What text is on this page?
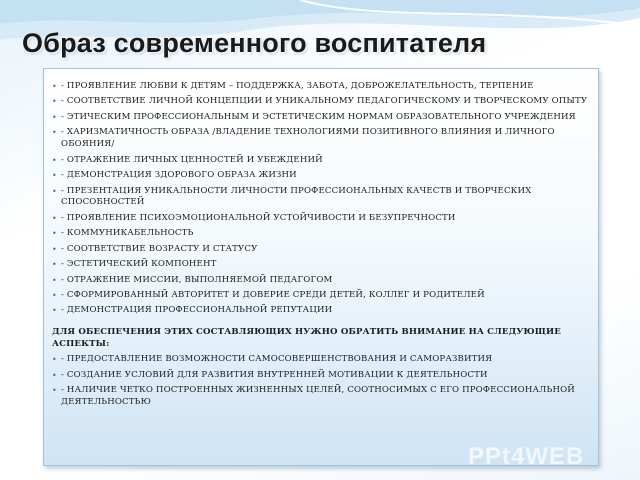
Образ современного воспитателя
• - ПРОЯВЛЕНИЕ ЛЮБВИ К ДЕТЯМ – ПОДДЕРЖКА, ЗАБОТА, ДОБРОЖЕЛАТЕЛЬНОСТЬ, ТЕРПЕНИЕ
• - СООТВЕТСТВИЕ ЛИЧНОЙ КОНЦЕПЦИИ И УНИКАЛЬНОМУ ПЕДАГОГИЧЕСКОМУ И ТВОРЧЕСКОМУ ОПЫТУ
• - ЭТИЧЕСКИМ ПРОФЕССИОНАЛЬНЫМ И ЭСТЕТИЧЕСКИМ НОРМАМ ОБРАЗОВАТЕЛЬНОГО УЧРЕЖДЕНИЯ
• - ХАРИЗМАТИЧНОСТЬ ОБРАЗА /ВЛАДЕНИЕ ТЕХНОЛОГИЯМИ ПОЗИТИВНОГО ВЛИЯНИЯ И ЛИЧНОГО ОБОЯНИЯ/
• - ОТРАЖЕНИЕ ЛИЧНЫХ ЦЕННОСТЕЙ И УБЕЖДЕНИЙ
• - ДЕМОНСТРАЦИЯ ЗДОРОВОГО ОБРАЗА ЖИЗНИ
• - ПРЕЗЕНТАЦИЯ УНИКАЛЬНОСТИ ЛИЧНОСТИ ПРОФЕССИОНАЛЬНЫХ КАЧЕСТВ И ТВОРЧЕСКИХ СПОСОБНОСТЕЙ
• - ПРОЯВЛЕНИЕ ПСИХОЭМОЦИОНАЛЬНОЙ УСТОЙЧИВОСТИ И БЕЗУПРЕЧНОСТИ
• - КОММУНИКАБЕЛЬНОСТЬ
• - СООТВЕТСТВИЕ ВОЗРАСТУ И СТАТУСУ
• - ЭСТЕТИЧЕСКИЙ КОМПОНЕНТ
• - ОТРАЖЕНИЕ МИССИИ, ВЫПОЛНЯЕМОЙ ПЕДАГОГОМ
• - СФОРМИРОВАННЫЙ АВТОРИТЕТ И ДОВЕРИЕ СРЕДИ ДЕТЕЙ, КОЛЛЕГ И РОДИТЕЛЕЙ
• - ДЕМОНСТРАЦИЯ ПРОФЕССИОНАЛЬНОЙ РЕПУТАЦИИ

ДЛЯ ОБЕСПЕЧЕНИЯ ЭТИХ СОСТАВЛЯЮЩИХ НУЖНО ОБРАТИТЬ ВНИМАНИЕ НА СЛЕДУЮЩИЕ АСПЕКТЫ:

• - ПРЕДОСТАВЛЕНИЕ ВОЗМОЖНОСТИ САМОСОВЕРШЕНСТВОВАНИЯ И САМОРАЗВИТИЯ
• - СОЗДАНИЕ УСЛОВИЙ ДЛЯ РАЗВИТИЯ ВНУТРЕННЕЙ МОТИВАЦИИ К ДЕЯТЕЛЬНОСТИ
• - НАЛИЧИЕ ЧЕТКО ПОСТРОЕННЫХ ЖИЗНЕННЫХ ЦЕЛЕЙ, СООТНОСИМЫХ С ЕГО ПРОФЕССИОНАЛЬНОЙ ДЕЯТЕЛЬНОСТЬЮ
PPt4WEB
